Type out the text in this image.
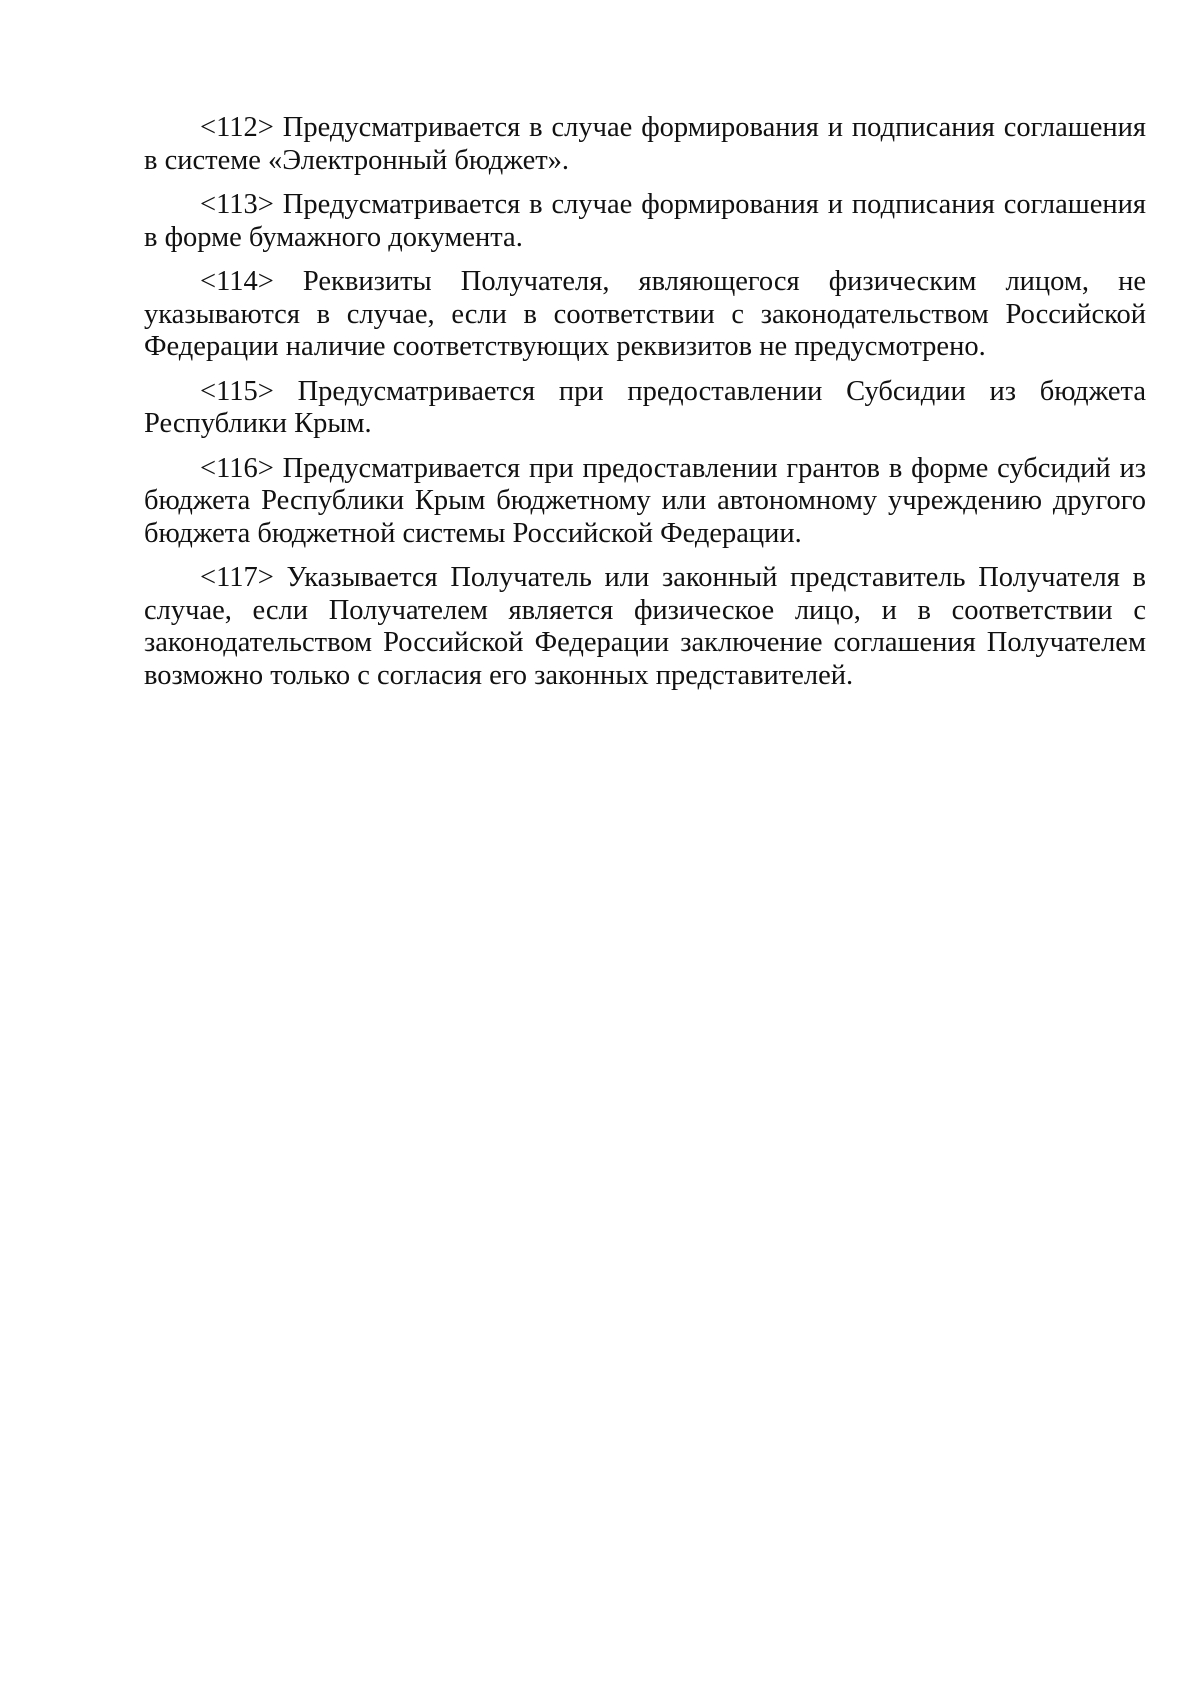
<112> Предусматривается в случае формирования и подписания соглашения в системе «Электронный бюджет».

<113> Предусматривается в случае формирования и подписания соглашения в форме бумажного документа.

<114> Реквизиты Получателя, являющегося физическим лицом, не указываются в случае, если в соответствии с законодательством Российской Федерации наличие соответствующих реквизитов не предусмотрено.

<115> Предусматривается при предоставлении Субсидии из бюджета Республики Крым.

<116> Предусматривается при предоставлении грантов в форме субсидий из бюджета Республики Крым бюджетному или автономному учреждению другого бюджета бюджетной системы Российской Федерации.

<117> Указывается Получатель или законный представитель Получателя в случае, если Получателем является физическое лицо, и в соответствии с законодательством Российской Федерации заключение соглашения Получателем возможно только с согласия его законных представителей.
